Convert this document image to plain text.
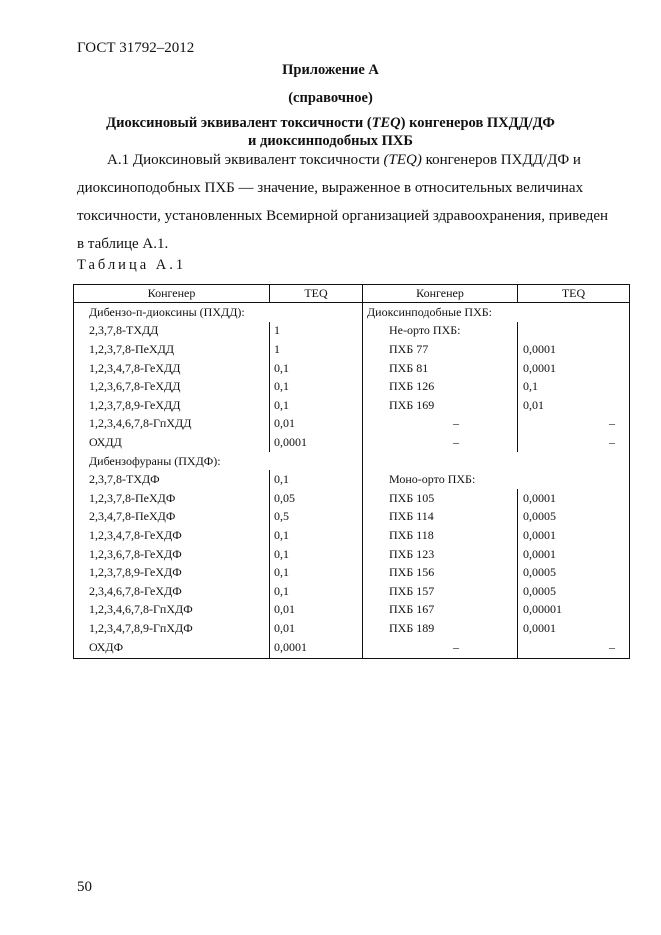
ГОСТ 31792–2012
Приложение А
(справочное)
Диоксиновый эквивалент токсичности (TEQ) конгенеров ПХДД/ДФ
и диоксинподобных ПХБ
А.1 Диоксиновый эквивалент токсичности (TEQ) конгенеров ПХДД/ДФ и диоксиноподобных ПХБ — значение, выраженное в относительных величинах токсичности, установленных Всемирной организацией здравоохранения, приведен в таблице А.1.
Таблица А.1
Конгенер	TEQ	Конгенер	TEQ
Дибензо-п-диоксины (ПХДД):		Диоксинподобные ПХБ:	
2,3,7,8-ТХДД	1	Не-орто ПХБ:	
1,2,3,7,8-ПеХДД	1	ПХБ 77	0,0001
1,2,3,4,7,8-ГеХДД	0,1	ПХБ 81	0,0001
1,2,3,6,7,8-ГеХДД	0,1	ПХБ 126	0,1
1,2,3,7,8,9-ГеХДД	0,1	ПХБ 169	0,01
1,2,3,4,6,7,8-ГпХДД	0,01	–	–
ОХДД	0,0001	–	–
Дибензофураны (ПХДФ):			
2,3,7,8-ТХДФ	0,1	Моно-орто ПХБ:	
1,2,3,7,8-ПеХДФ	0,05	ПХБ 105	0,0001
2,3,4,7,8-ПеХДФ	0,5	ПХБ 114	0,0005
1,2,3,4,7,8-ГеХДФ	0,1	ПХБ 118	0,0001
1,2,3,6,7,8-ГеХДФ	0,1	ПХБ 123	0,0001
1,2,3,7,8,9-ГеХДФ	0,1	ПХБ 156	0,0005
2,3,4,6,7,8-ГеХДФ	0,1	ПХБ 157	0,0005
1,2,3,4,6,7,8-ГпХДФ	0,01	ПХБ 167	0,00001
1,2,3,4,7,8,9-ГпХДФ	0,01	ПХБ 189	0,0001
ОХДФ	0,0001	–	–
50
